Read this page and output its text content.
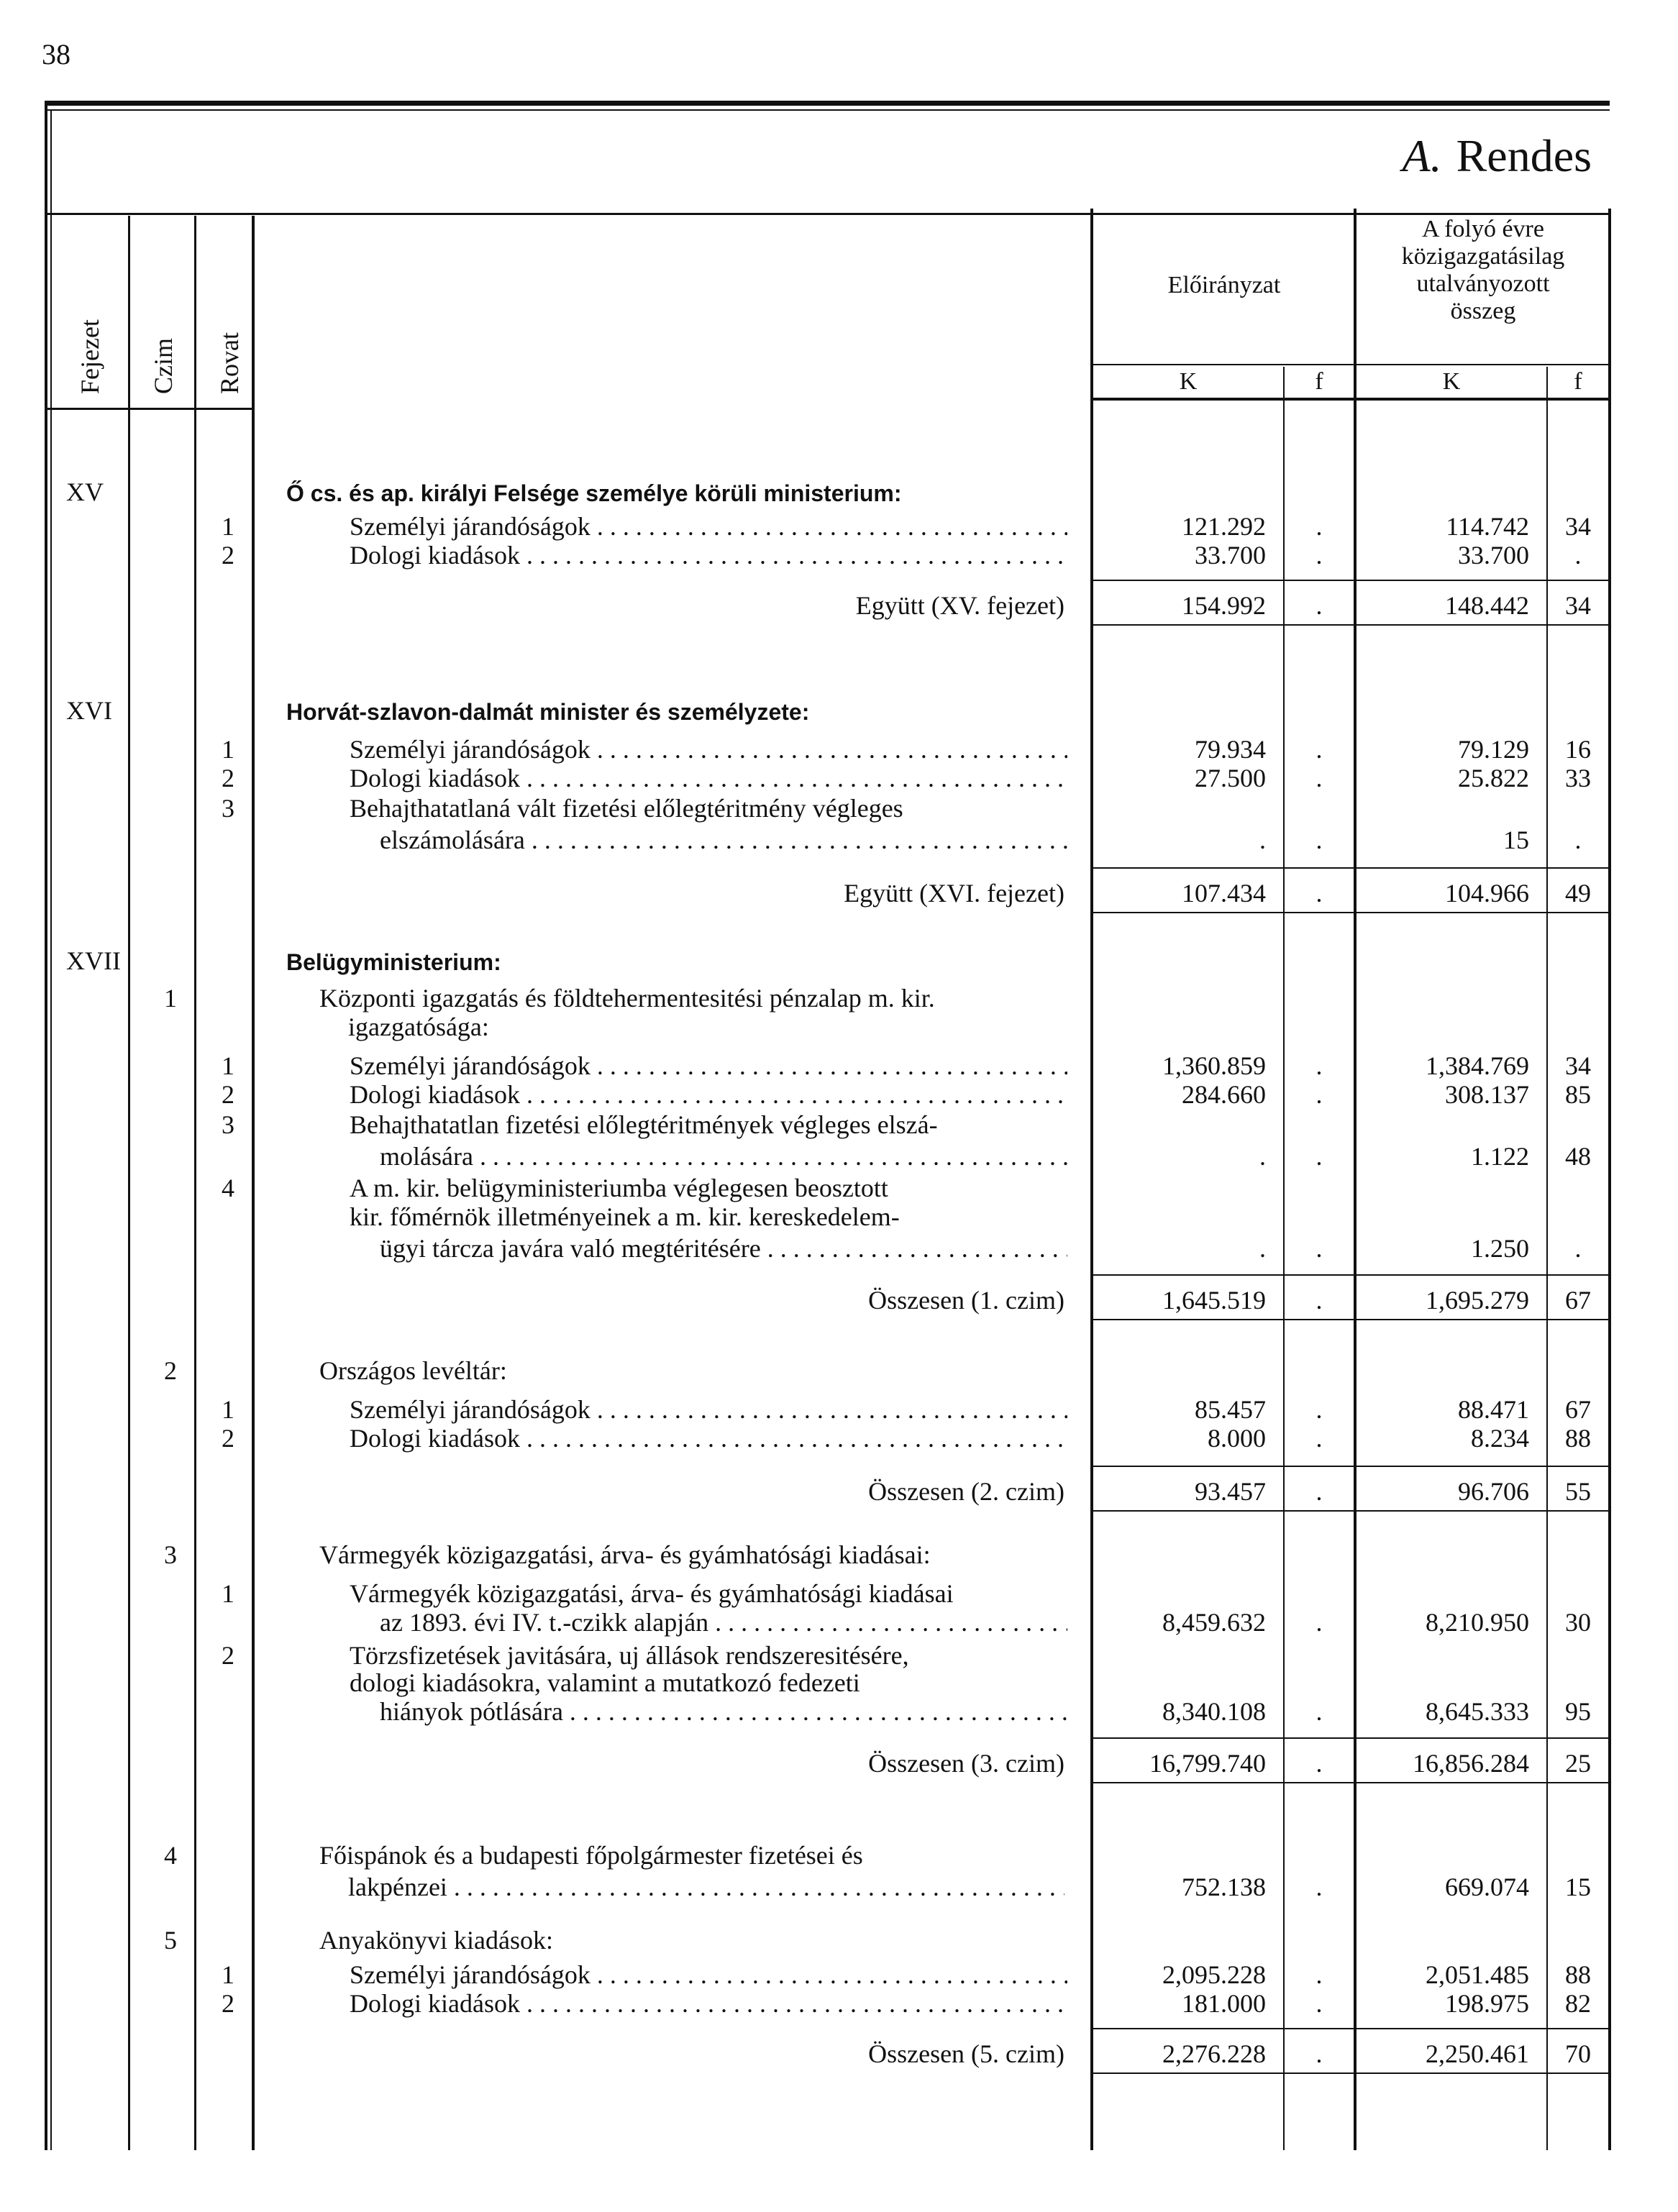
38
A. Rendes
Fejezet Czim Rovat
Előirányzat
A folyó évre
közigazgatásilag
utalványozott
összeg
K	f	K	f
XV	Ő cs. és ap. királyi Felsége személye körüli ministerium:
1	Személyi járandóságok . . .	121.292	.	114.742	34
2	Dologi kiadások . . .	33.700	.	33.700	.
Együtt (XV. fejezet)	154.992	.	148.442	34
XVI	Horvát-szlavon-dalmát minister és személyzete:
1	Személyi járandóságok . . .	79.934	.	79.129	16
2	Dologi kiadások . . .	27.500	.	25.822	33
3	Behajthatatlaná vált fizetési előlegtéritmény végleges
elszámolására . . .	.	.	15	.
Együtt (XVI. fejezet)	107.434	.	104.966	49
XVII	Belügyministerium:
1	Központi igazgatás és földtehermentesitési pénzalap m. kir.
igazgatósága:
1	Személyi járandóságok . . .	1,360.859	.	1,384.769	34
2	Dologi kiadások . . .	284.660	.	308.137	85
3	Behajthatatlan fizetési előlegtéritmények végleges elszá-
molására . . .	.	.	1.122	48
4	A m. kir. belügyministeriumba véglegesen beosztott
kir. főmérnök illetményeinek a m. kir. kereskedelem-
ügyi tárcza javára való megtéritésére . . .	.	.	1.250	.
Összesen (1. czim)	1,645.519	.	1,695.279	67
2	Országos levéltár:
1	Személyi járandóságok . . .	85.457	.	88.471	67
2	Dologi kiadások . . .	8.000	.	8.234	88
Összesen (2. czim)	93.457	.	96.706	55
3	Vármegyék közigazgatási, árva- és gyámhatósági kiadásai:
1	Vármegyék közigazgatási, árva- és gyámhatósági kiadásai
az 1893. évi IV. t.-czikk alapján . . .	8,459.632	.	8,210.950	30
2	Törzsfizetések javitására, uj állások rendszeresitésére,
dologi kiadásokra, valamint a mutatkozó fedezeti
hiányok pótlására . . .	8,340.108	.	8,645.333	95
Összesen (3. czim)	16,799.740	.	16,856.284	25
4	Főispánok és a budapesti főpolgármester fizetései és
lakpénzei . . .	752.138	.	669.074	15
5	Anyakönyvi kiadások:
1	Személyi járandóságok . . .	2,095.228	.	2,051.485	88
2	Dologi kiadások . . .	181.000	.	198.975	82
Összesen (5. czim)	2,276.228	.	2,250.461	70
